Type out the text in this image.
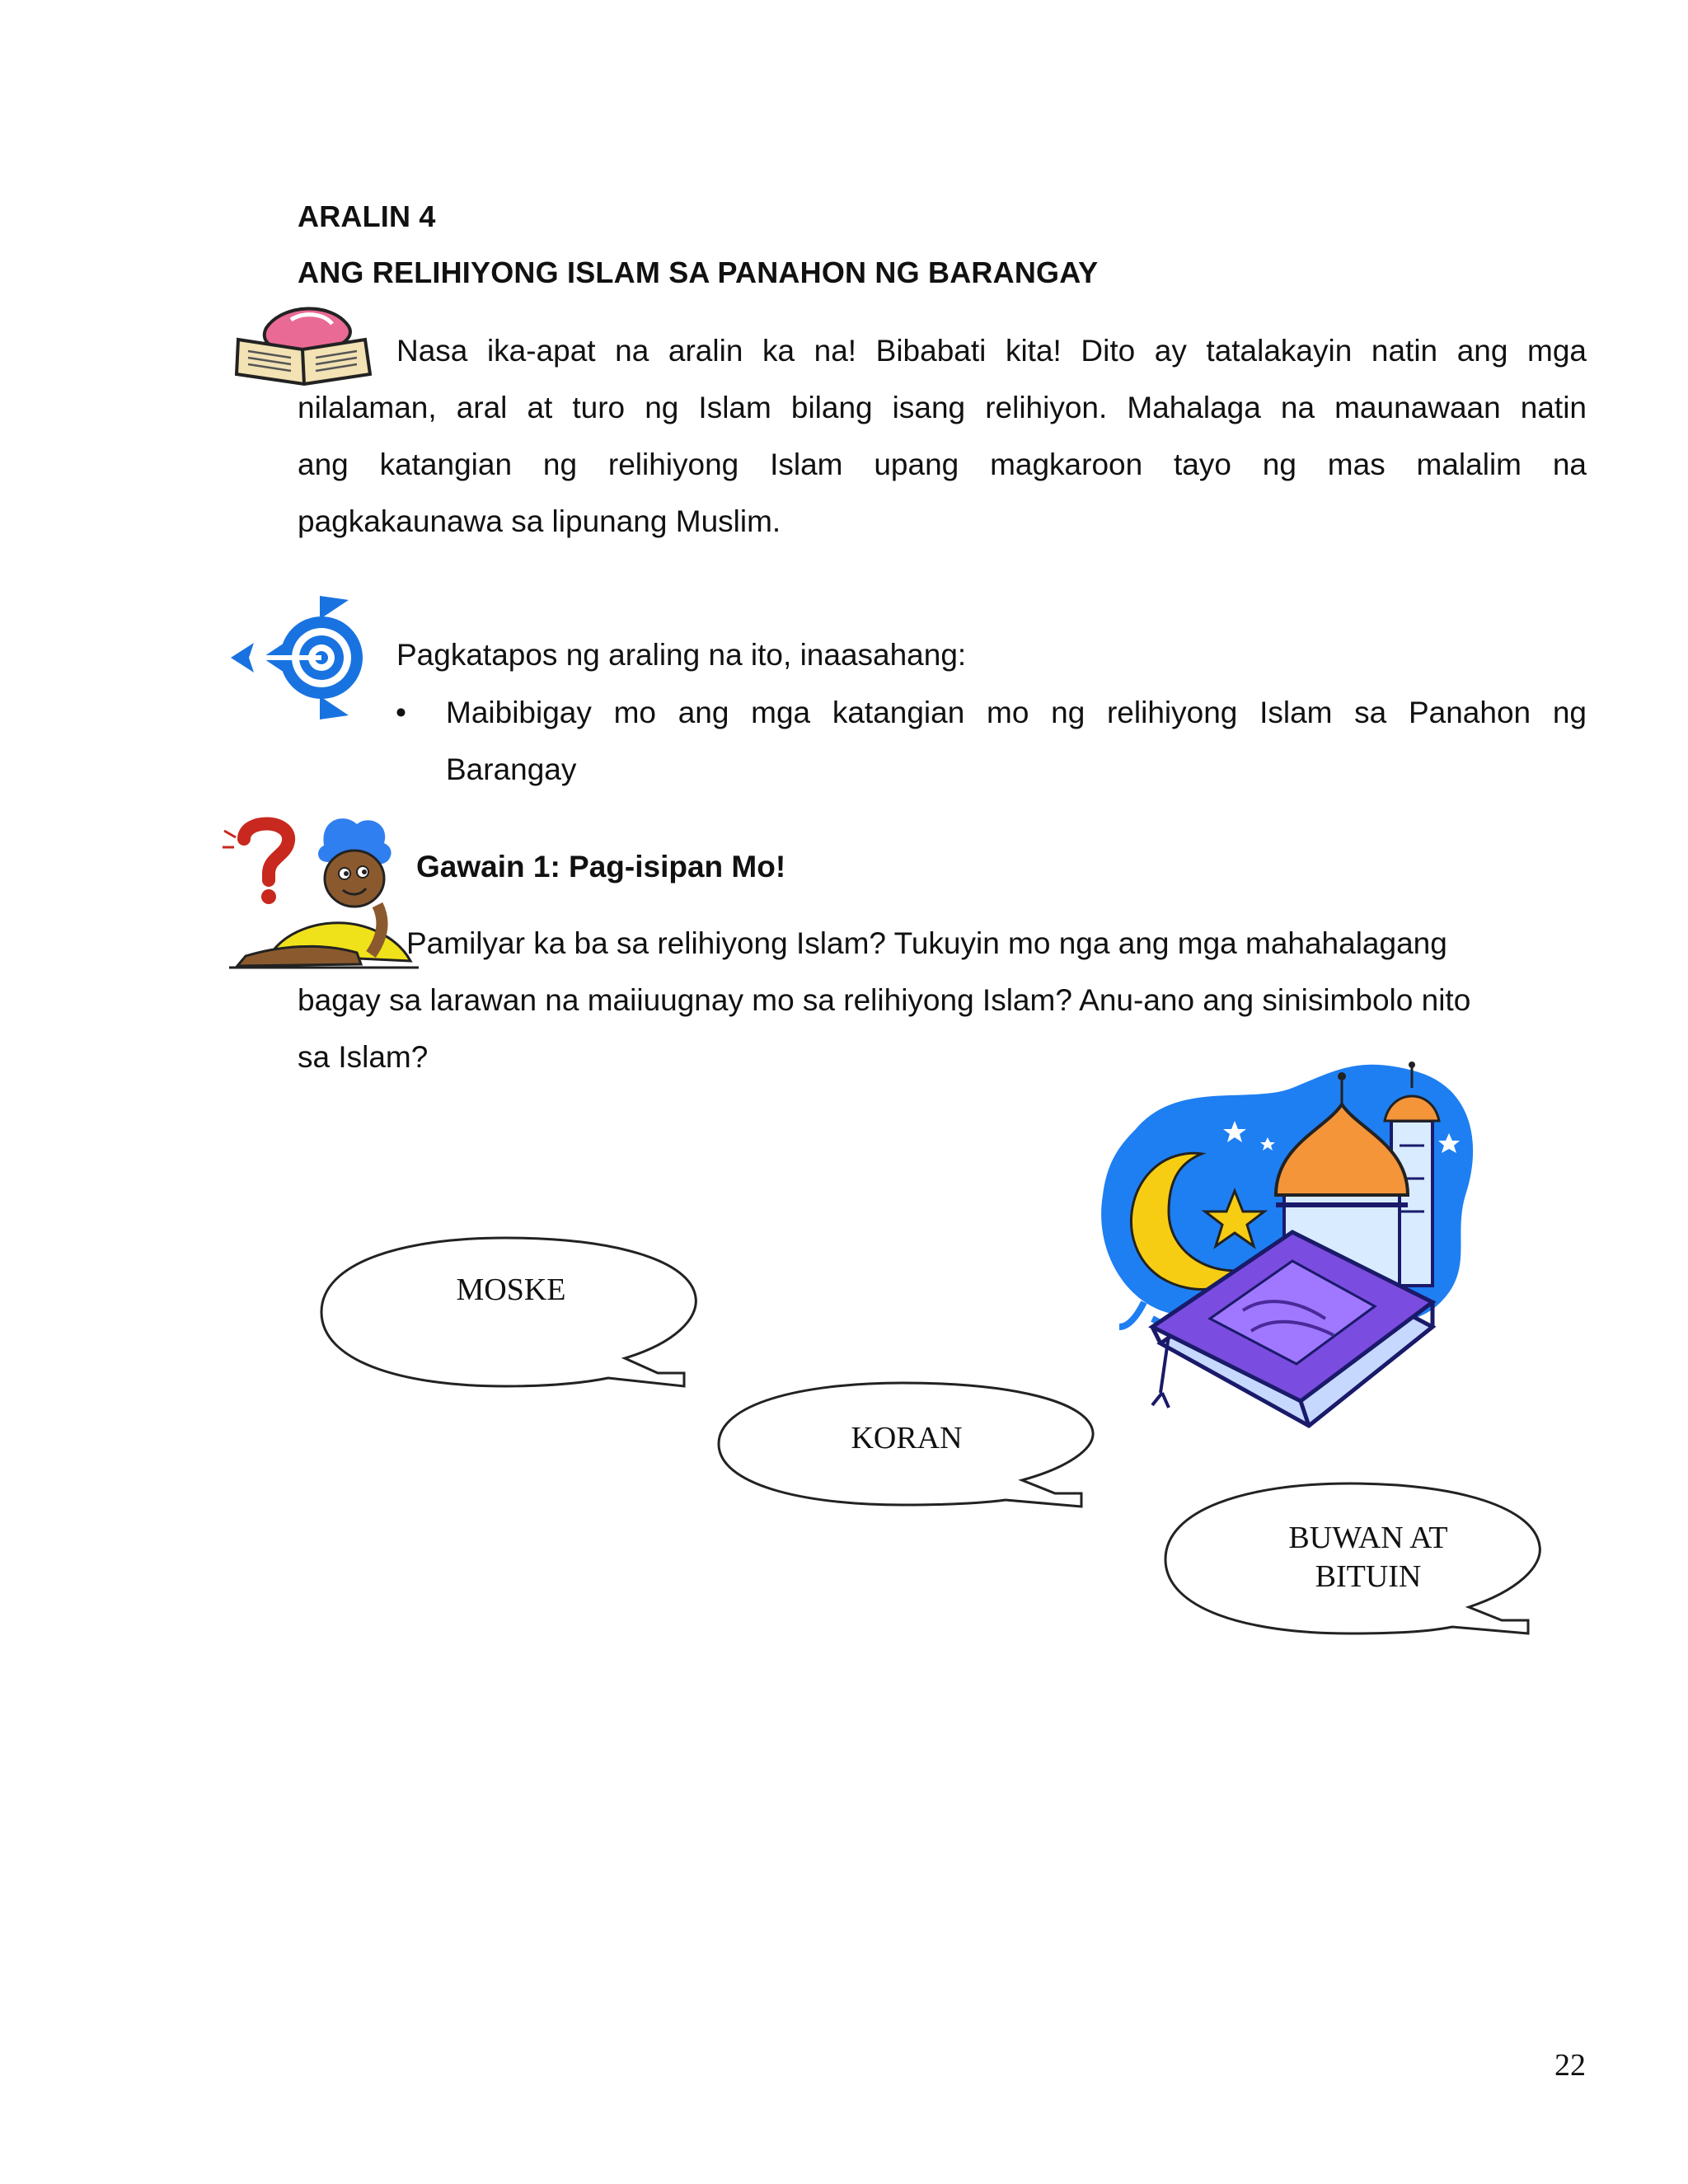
ARALIN 4
ANG RELIHIYONG ISLAM SA PANAHON NG BARANGAY
Nasa ika-apat na aralin ka na! Bibabati kita! Dito ay tatalakayin natin ang mga
nilalaman, aral at turo ng Islam bilang isang relihiyon. Mahalaga na maunawaan natin
ang katangian ng relihiyong Islam upang magkaroon tayo ng mas malalim na
pagkakaunawa sa lipunang Muslim.
Pagkatapos ng araling na ito, inaasahang:
• Maibibigay mo ang mga katangian mo ng relihiyong Islam sa Panahon ng
Barangay
Gawain 1: Pag-isipan Mo!
Pamilyar ka ba sa relihiyong Islam? Tukuyin mo nga ang mga mahahalagang
bagay sa larawan na maiiuugnay mo sa relihiyong Islam? Anu-ano ang sinisimbolo nito
sa Islam?
MOSKE
KORAN
BUWAN AT
BITUIN
22
